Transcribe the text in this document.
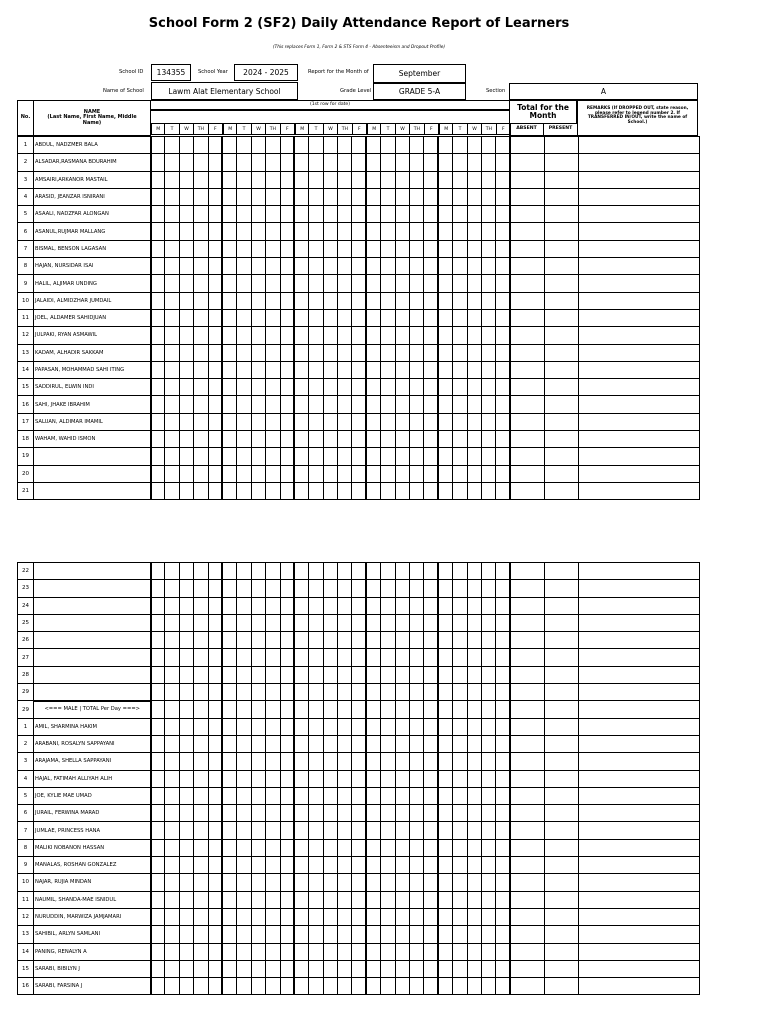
School Form 2 (SF2) Daily Attendance Report of Learners
(This replaces Form 1, Form 2 & STS Form 4 - Absenteeism and Dropout Profile)
School ID	134355	School Year	2024 - 2025	Report for the Month of	September
Name of School	Lawm Alat Elementary School	Grade Level	GRADE 5-A	Section	A
No.
NAME
(Last Name, First Name, Middle Name)
(1st row for date)
M	T	W	TH	F	M	T	W	TH	F	M	T	W	TH	F	M	T	W	TH	F	M	T	W	TH	F
Total for the Month
ABSENT	PRESENT
REMARKS (If DROPPED OUT, state reason, please refer to legend number 2. If TRANSFERRED IN/OUT, write the name of School.)
1	ABDUL, NADZMER BALA																												
2	ALSADAR,RASMANA BDURAHIM																												
3	AMSAIRI,ARKANOR MASTAIL																												
4	ARASID, JEANZAR ISNIRANI																												
5	ASAALI, NADZFAR ALONGAN																												
6	ASANUL,RUJMAR MALLANG																												
7	BISMAL, BENSON LAGASAN																												
8	HAJAN, NURSIDAR ISAI																												
9	HALIL, ALJIMAR UNDING																												
10	JALAIDI, ALMIDZHAR JUMDAIL																												
11	JOEL, ALDAMER SAHIDJUAN																												
12	JULPAKI, RYAN ASMAWIL																												
13	KADAM, ALHADIR SAKKAM																												
14	PAPASAN, MOHAMMAD SAHI ITING																												
15	SADDIRUL, ELWIN INDI																												
16	SAHI, JHAKE IBRAHIM																												
17	SALUAN, ALDIMAR IMAMIL																												
18	WAHAM, WAHID ISMON																												
19																													
20																													
21																													
22																													
23																													
24																													
25																													
26																													
27																													
28																													
29																													
29	<=== MALE | TOTAL Per Day ===>																												
1	AMIL, SHARMINA HAKIM																												
2	ARABANI, ROSALYN SAPPAYANI																												
3	ARAJAMA, SHELLA SAPPAYANI																												
4	HAJAL, FATIMAH ALLIYAH ALIH																												
5	JOE, KYLIE MAE UMAD																												
6	JURAIL, FERWINA MARAD																												
7	JUMLAE, PRINCESS HANA																												
8	MALIKI NOBANON HASSAN																												
9	MANALAS, ROSHAN GONZALEZ																												
10	NAJAR, RUJIA MINDAN																												
11	NAUMIL, SHANDA-MAE ISNIDUL																												
12	NURUDDIN, MARWIZA JAMJAMARI																												
13	SAHIBIL, ARLYN SAMLANI																												
14	PANING, RENALYN A																												
15	SARABI, BIBILYN J																												
16	SARABI, FARSINA J																												
